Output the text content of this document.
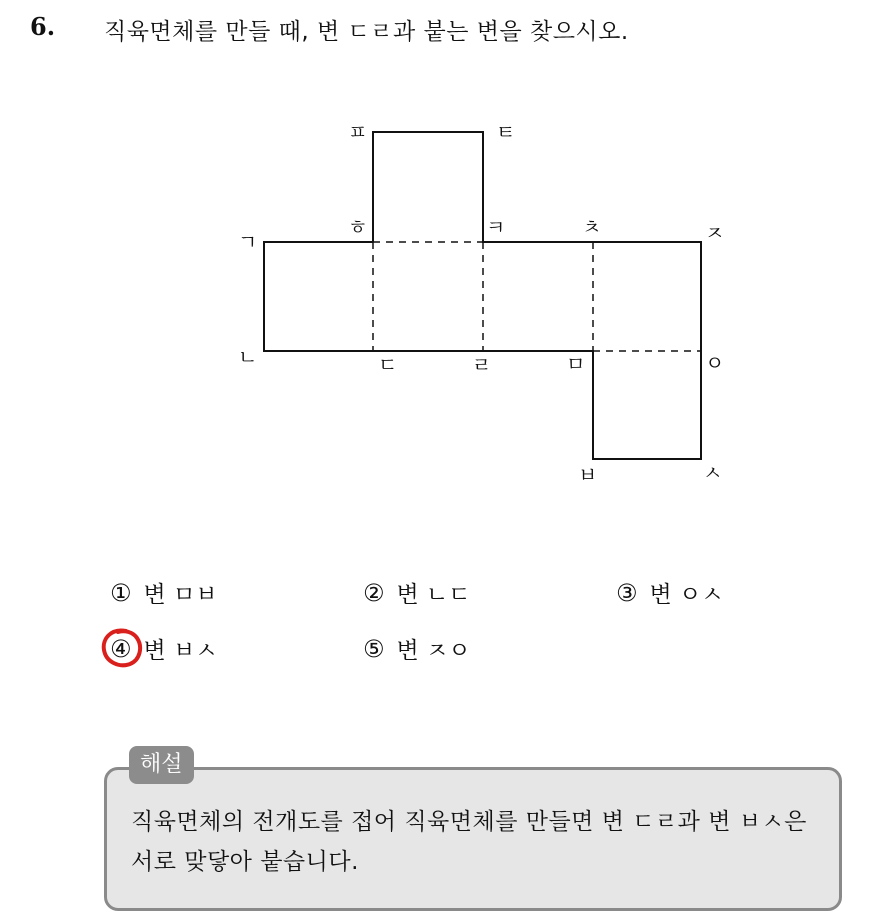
6. 직육면체를 만들 때, 변 ㄷㄹ과 붙는 변을 찾으시오.
ㄱ
ㄴ	ㄷ	ㄹ	ㅁ
ㅂ	ㅅ
ㅇ
ㅈ
ㅊ
ㅋ
ㅎ
ㅌ
ㅍ
① 변 ㅁㅂ	② 변 ㄴㄷ	③ 변 ㅇㅅ
④ 변 ㅂㅅ	⑤ 변 ㅈㅇ
직육면체의 전개도를 접어 직육면체를 만들면 변 ㄷㄹ과 변 ㅂㅅ은 서로 맞닿아 붙습니다.
해설
